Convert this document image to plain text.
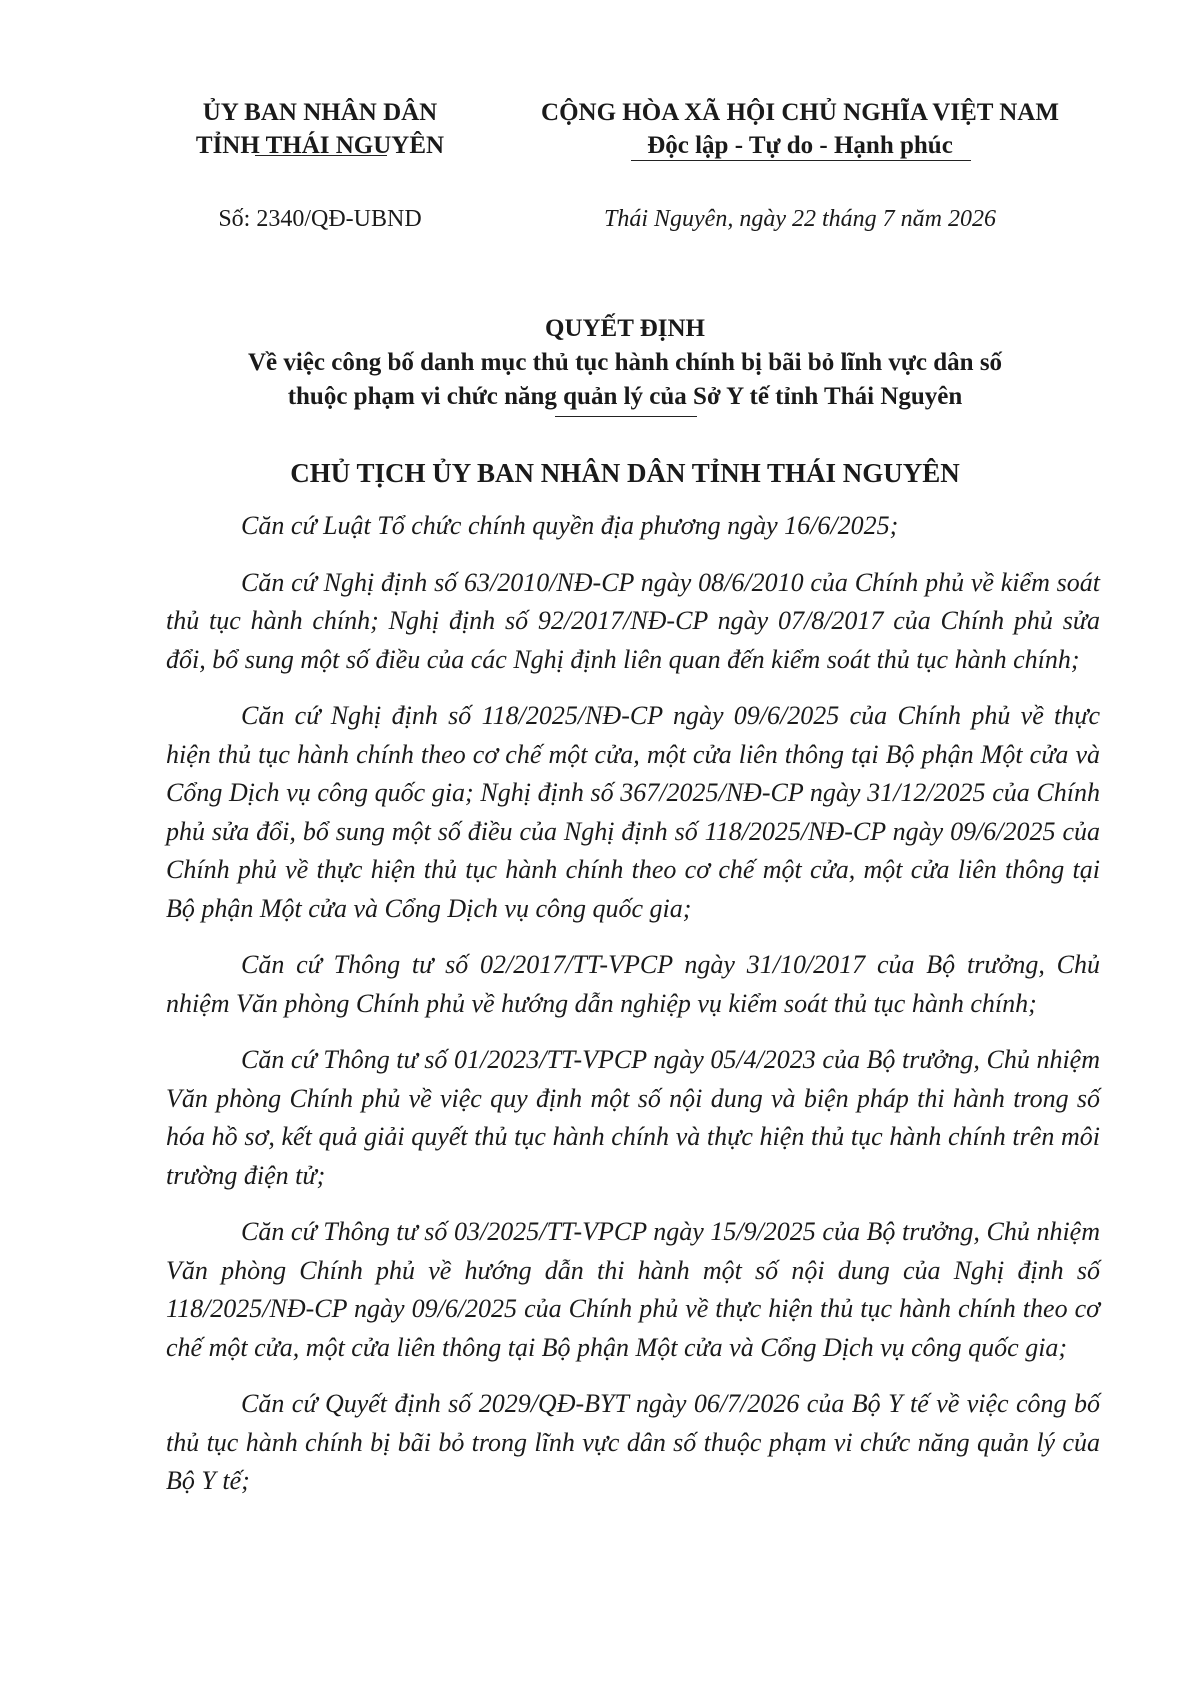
ỦY BAN NHÂN DÂN
TỈNH THÁI NGUYÊN
CỘNG HÒA XÃ HỘI CHỦ NGHĨA VIỆT NAM
Độc lập - Tự do - Hạnh phúc
Số: 2340/QĐ-UBND	Thái Nguyên, ngày 22 tháng 7 năm 2026
QUYẾT ĐỊNH
Về việc công bố danh mục thủ tục hành chính bị bãi bỏ lĩnh vực dân số
thuộc phạm vi chức năng quản lý của Sở Y tế tỉnh Thái Nguyên
CHỦ TỊCH ỦY BAN NHÂN DÂN TỈNH THÁI NGUYÊN

Căn cứ Luật Tổ chức chính quyền địa phương ngày 16/6/2025;

Căn cứ Nghị định số 63/2010/NĐ-CP ngày 08/6/2010 của Chính phủ về kiểm soát thủ tục hành chính; Nghị định số 92/2017/NĐ-CP ngày 07/8/2017 của Chính phủ sửa đổi, bổ sung một số điều của các Nghị định liên quan đến kiểm soát thủ tục hành chính;

Căn cứ Nghị định số 118/2025/NĐ-CP ngày 09/6/2025 của Chính phủ về thực hiện thủ tục hành chính theo cơ chế một cửa, một cửa liên thông tại Bộ phận Một cửa và Cổng Dịch vụ công quốc gia; Nghị định số 367/2025/NĐ-CP ngày 31/12/2025 của Chính phủ sửa đổi, bổ sung một số điều của Nghị định số 118/2025/NĐ-CP ngày 09/6/2025 của Chính phủ về thực hiện thủ tục hành chính theo cơ chế một cửa, một cửa liên thông tại Bộ phận Một cửa và Cổng Dịch vụ công quốc gia;

Căn cứ Thông tư số 02/2017/TT-VPCP ngày 31/10/2017 của Bộ trưởng, Chủ nhiệm Văn phòng Chính phủ về hướng dẫn nghiệp vụ kiểm soát thủ tục hành chính;

Căn cứ Thông tư số 01/2023/TT-VPCP ngày 05/4/2023 của Bộ trưởng, Chủ nhiệm Văn phòng Chính phủ về việc quy định một số nội dung và biện pháp thi hành trong số hóa hồ sơ, kết quả giải quyết thủ tục hành chính và thực hiện thủ tục hành chính trên môi trường điện tử;

Căn cứ Thông tư số 03/2025/TT-VPCP ngày 15/9/2025 của Bộ trưởng, Chủ nhiệm Văn phòng Chính phủ về hướng dẫn thi hành một số nội dung của Nghị định số 118/2025/NĐ-CP ngày 09/6/2025 của Chính phủ về thực hiện thủ tục hành chính theo cơ chế một cửa, một cửa liên thông tại Bộ phận Một cửa và Cổng Dịch vụ công quốc gia;

Căn cứ Quyết định số 2029/QĐ-BYT ngày 06/7/2026 của Bộ Y tế về việc công bố thủ tục hành chính bị bãi bỏ trong lĩnh vực dân số thuộc phạm vi chức năng quản lý của Bộ Y tế;
